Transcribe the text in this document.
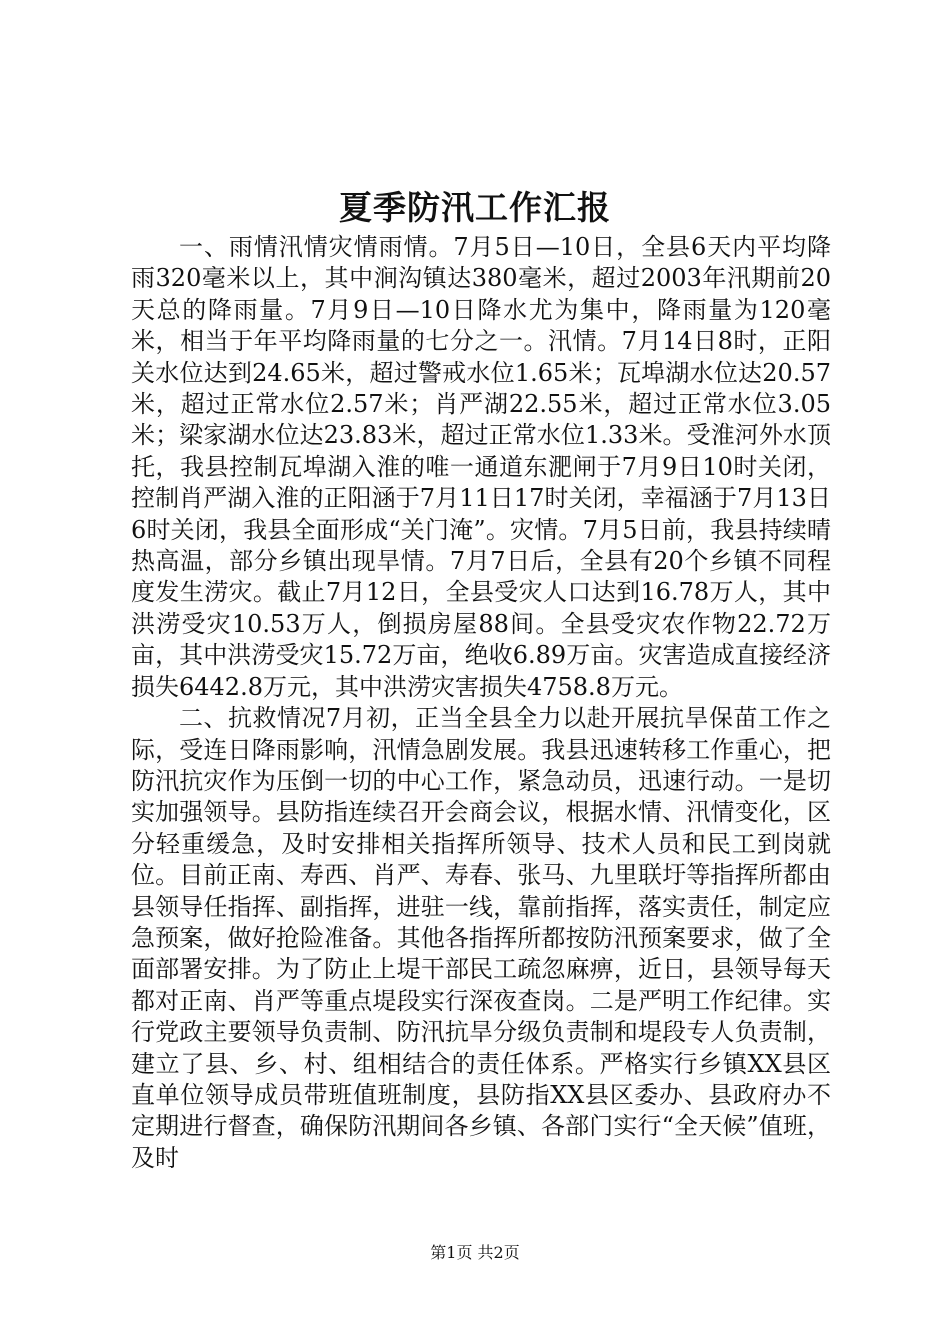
夏季防汛工作汇报

一、雨情汛情灾情雨情。7月5日—10日，全县6天内平均降雨320毫米以上，其中涧沟镇达380毫米，超过2003年汛期前20天总的降雨量。7月9日—10日降水尤为集中，降雨量为120毫米，相当于年平均降雨量的七分之一。汛情。7月14日8时，正阳关水位达到24.65米，超过警戒水位1.65米；瓦埠湖水位达20.57米，超过正常水位2.57米；肖严湖22.55米，超过正常水位3.05米；梁家湖水位达23.83米，超过正常水位1.33米。受淮河外水顶托，我县控制瓦埠湖入淮的唯一通道东淝闸于7月9日10时关闭，控制肖严湖入淮的正阳涵于7月11日17时关闭，幸福涵于7月13日6时关闭，我县全面形成“关门淹”。灾情。7月5日前，我县持续晴热高温，部分乡镇出现旱情。7月7日后，全县有20个乡镇不同程度发生涝灾。截止7月12日，全县受灾人口达到16.78万人，其中洪涝受灾10.53万人，倒损房屋88间。全县受灾农作物22.72万亩，其中洪涝受灾15.72万亩，绝收6.89万亩。灾害造成直接经济损失6442.8万元，其中洪涝灾害损失4758.8万元。

二、抗救情况7月初，正当全县全力以赴开展抗旱保苗工作之际，受连日降雨影响，汛情急剧发展。我县迅速转移工作重心，把防汛抗灾作为压倒一切的中心工作，紧急动员，迅速行动。一是切实加强领导。县防指连续召开会商会议，根据水情、汛情变化，区分轻重缓急，及时安排相关指挥所领导、技术人员和民工到岗就位。目前正南、寿西、肖严、寿春、张马、九里联圩等指挥所都由县领导任指挥、副指挥，进驻一线，靠前指挥，落实责任，制定应急预案，做好抢险准备。其他各指挥所都按防汛预案要求，做了全面部署安排。为了防止上堤干部民工疏忽麻痹，近日，县领导每天都对正南、肖严等重点堤段实行深夜查岗。二是严明工作纪律。实行党政主要领导负责制、防汛抗旱分级负责制和堤段专人负责制，建立了县、乡、村、组相结合的责任体系。严格实行乡镇XX县区直单位领导成员带班值班制度，县防指XX县区委办、县政府办不定期进行督查，确保防汛期间各乡镇、各部门实行“全天候”值班，及时

第1页 共2页
